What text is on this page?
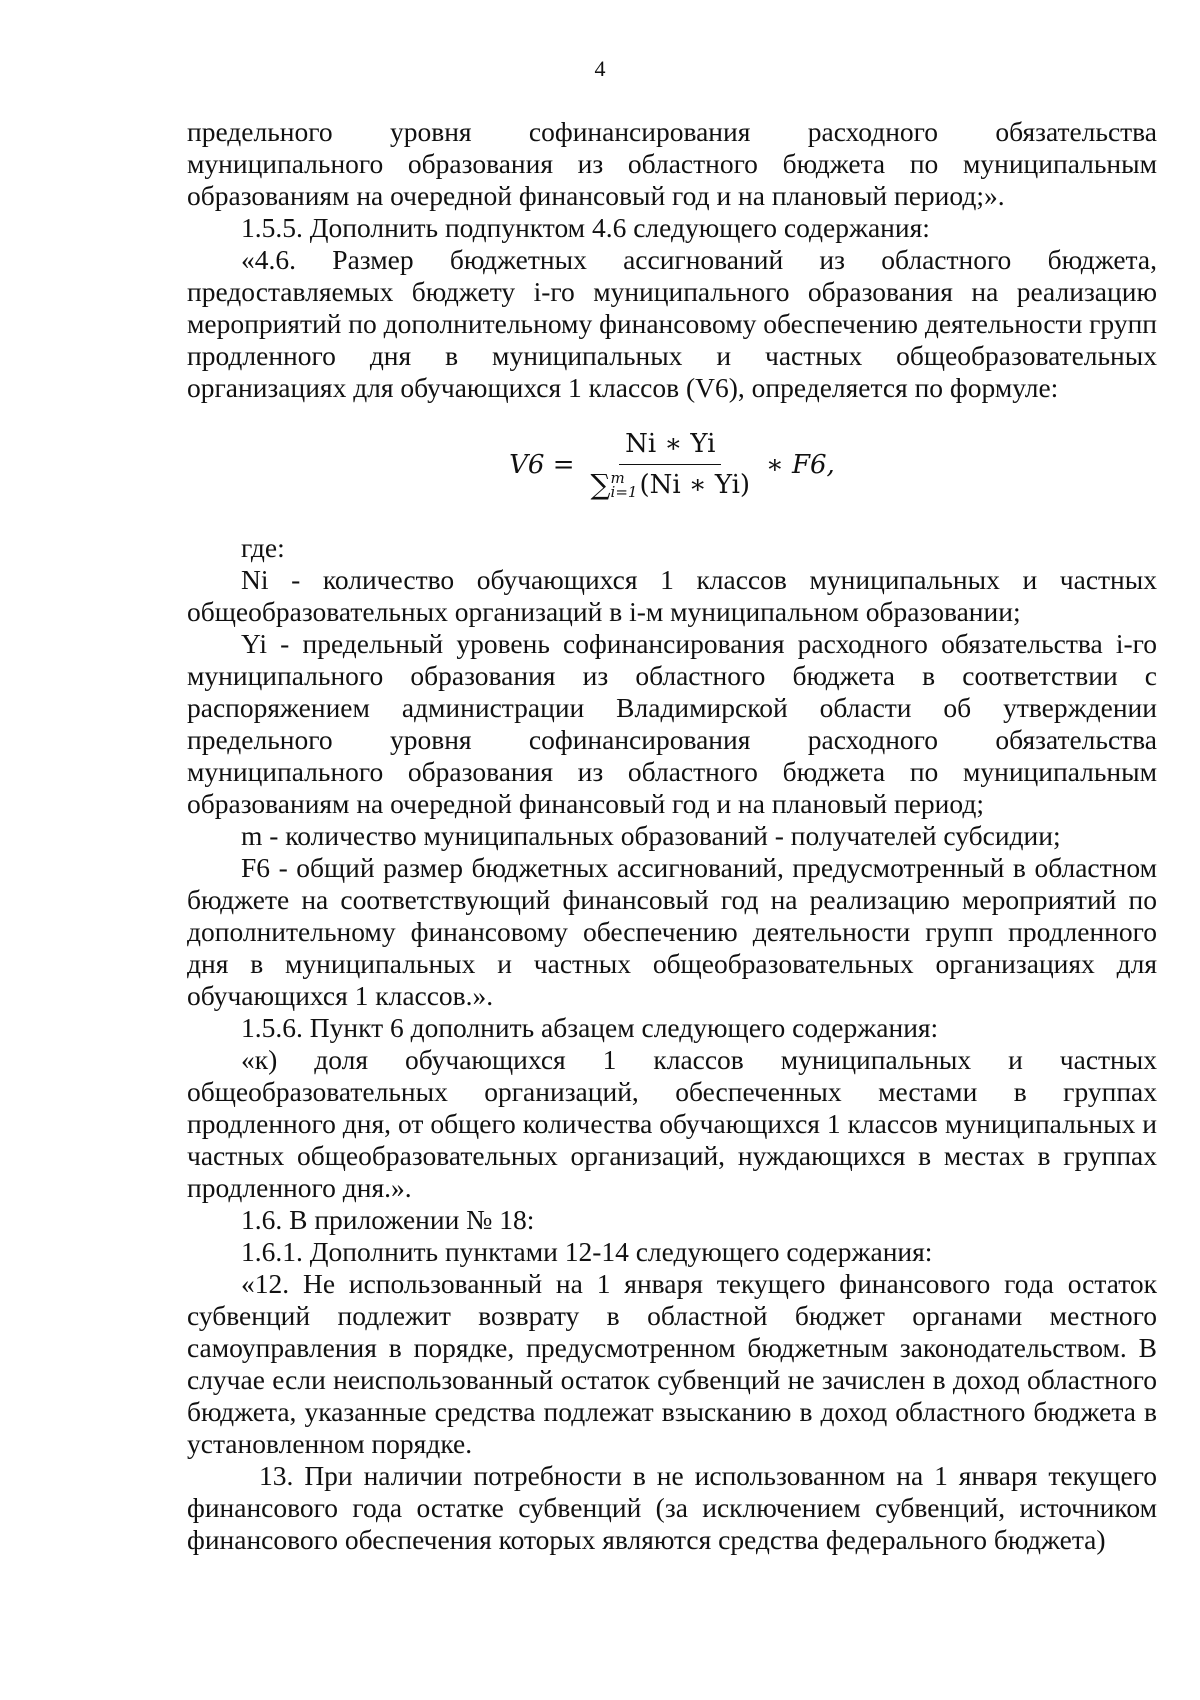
4

предельного уровня софинансирования расходного обязательства муниципального образования из областного бюджета по муниципальным образованиям на очередной финансовый год и на плановый период;».

1.5.5. Дополнить подпунктом 4.6 следующего содержания:

«4.6. Размер бюджетных ассигнований из областного бюджета, предоставляемых бюджету i-го муниципального образования на реализацию мероприятий по дополнительному финансовому обеспечению деятельности групп продленного дня в муниципальных и частных общеобразовательных организациях для обучающихся 1 классов (V6), определяется по формуле:

V6 =
Ni ∗ Yi
∑ m
i=1 (Ni ∗ Yi)
∗ F6,

где:

Ni - количество обучающихся 1 классов муниципальных и частных общеобразовательных организаций в i-м муниципальном образовании;

Yi - предельный уровень софинансирования расходного обязательства i-го муниципального образования из областного бюджета в соответствии с распоряжением администрации Владимирской области об утверждении предельного уровня софинансирования расходного обязательства муниципального образования из областного бюджета по муниципальным образованиям на очередной финансовый год и на плановый период;

m - количество муниципальных образований - получателей субсидии;

F6 - общий размер бюджетных ассигнований, предусмотренный в областном бюджете на соответствующий финансовый год на реализацию мероприятий по дополнительному финансовому обеспечению деятельности групп продленного дня в муниципальных и частных общеобразовательных организациях для обучающихся 1 классов.».

1.5.6. Пункт 6 дополнить абзацем следующего содержания:

«к) доля обучающихся 1 классов муниципальных и частных общеобразовательных организаций, обеспеченных местами в группах продленного дня, от общего количества обучающихся 1 классов муниципальных и частных общеобразовательных организаций, нуждающихся в местах в группах продленного дня.».

1.6. В приложении № 18:

1.6.1. Дополнить пунктами 12-14 следующего содержания:

«12. Не использованный на 1 января текущего финансового года остаток субвенций подлежит возврату в областной бюджет органами местного самоуправления в порядке, предусмотренном бюджетным законодательством. В случае если неиспользованный остаток субвенций не зачислен в доход областного бюджета, указанные средства подлежат взысканию в доход областного бюджета в установленном порядке.

13. При наличии потребности в не использованном на 1 января текущего финансового года остатке субвенций (за исключением субвенций, источником финансового обеспечения которых являются средства федерального бюджета)
